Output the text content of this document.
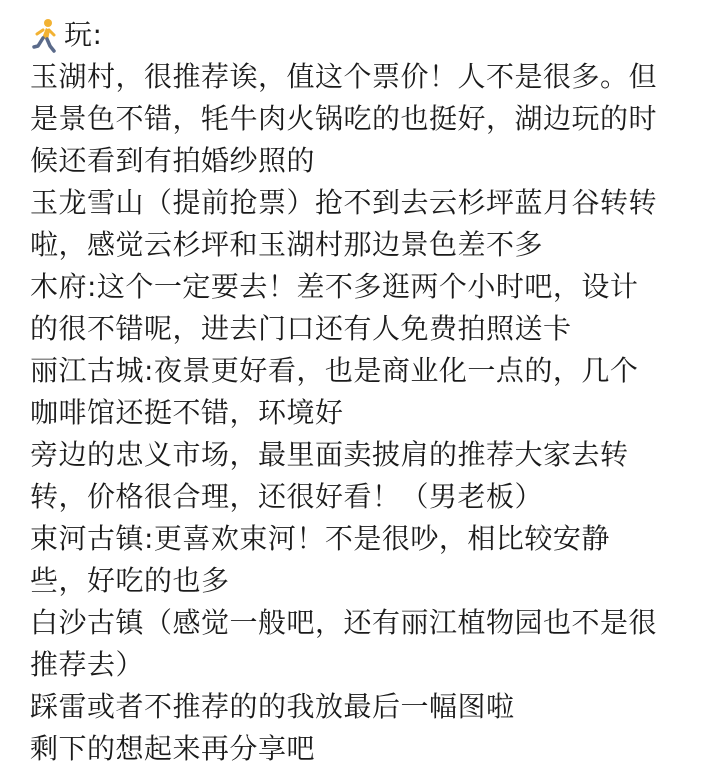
玩:
玉湖村，很推荐诶，值这个票价！人不是很多。但
是景色不错，牦牛肉火锅吃的也挺好，湖边玩的时
候还看到有拍婚纱照的
玉龙雪山（提前抢票）抢不到去云杉坪蓝月谷转转
啦，感觉云杉坪和玉湖村那边景色差不多
木府:这个一定要去！差不多逛两个小时吧，设计
的很不错呢，进去门口还有人免费拍照送卡
丽江古城:夜景更好看，也是商业化一点的，几个
咖啡馆还挺不错，环境好
旁边的忠义市场，最里面卖披肩的推荐大家去转
转，价格很合理，还很好看！（男老板）
束河古镇:更喜欢束河！不是很吵，相比较安静
些，好吃的也多
白沙古镇（感觉一般吧，还有丽江植物园也不是很
推荐去）
踩雷或者不推荐的的我放最后一幅图啦
剩下的想起来再分享吧
